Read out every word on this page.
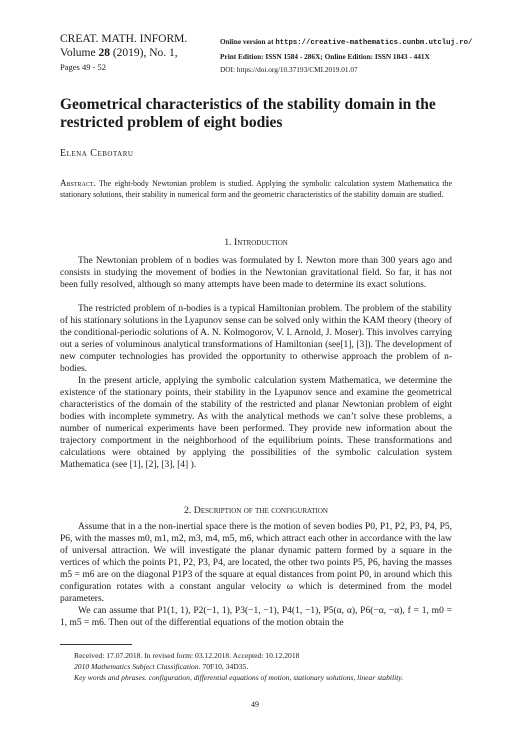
CREAT. MATH. INFORM.
Volume 28 (2019), No. 1,
Pages 49 - 52
Online version at https://creative-mathematics.cunbm.utcluj.ro/
Print Edition: ISSN 1584 - 286X; Online Edition: ISSN 1843 - 441X
DOI: https://doi.org/10.37193/CMI.2019.01.07
Geometrical characteristics of the stability domain in the restricted problem of eight bodies
Elena Cebotaru
Abstract. The eight-body Newtonian problem is studied. Applying the symbolic calculation system Mathematica the stationary solutions, their stability in numerical form and the geometric characteristics of the stability domain are studied.
1. Introduction

The Newtonian problem of n bodies was formulated by I. Newton more than 300 years ago and consists in studying the movement of bodies in the Newtonian gravitational field. So far, it has not been fully resolved, although so many attempts have been made to determine its exact solutions.

The restricted problem of n-bodies is a typical Hamiltonian problem. The problem of the stability of his stationary solutions in the Lyapunov sense can be solved only within the KAM theory (theory of the conditional-periodic solutions of A. N. Kolmogorov, V. I. Arnold, J. Moser). This involves carrying out a series of voluminous analytical transformations of Hamiltonian (see[1], [3]). The development of new computer technologies has provided the opportunity to otherwise approach the problem of n-bodies.

In the present article, applying the symbolic calculation system Mathematica, we determine the existence of the stationary points, their stability in the Lyapunov sence and examine the geometrical characteristics of the domain of the stability of the restricted and planar Newtonian problem of eight bodies with incomplete symmetry. As with the analytical methods we can’t solve these problems, a number of numerical experiments have been performed. They provide new information about the trajectory comportment in the neighborhood of the equilibrium points. These transformations and calculations were obtained by applying the possibilities of the symbolic calculation system Mathematica (see [1], [2], [3], [4] ).

2. Description of the configuration

Assume that in a the non-inertial space there is the motion of seven bodies P0, P1, P2, P3, P4, P5, P6, with the masses m0, m1, m2, m3, m4, m5, m6, which attract each other in accordance with the law of universal attraction. We will investigate the planar dynamic pattern formed by a square in the vertices of which the points P1, P2, P3, P4, are located, the other two points P5, P6, having the masses m5 = m6 are on the diagonal P1P3 of the square at equal distances from point P0, in around which this configuration rotates with a constant angular velocity ω which is determined from the model parameters.

We can assume that P1(1, 1), P2(−1, 1), P3(−1, −1), P4(1, −1), P5(α, α), P6(−α, −α), f = 1, m0 = 1, m5 = m6. Then out of the differential equations of the motion obtain the

Received: 17.07.2018. In revised form: 03.12.2018. Accepted: 10.12.2018
2010 Mathematics Subject Classification. 70F10, 34D35.
Key words and phrases. configuration, differential equations of motion, stationary solutions, linear stability.
49
